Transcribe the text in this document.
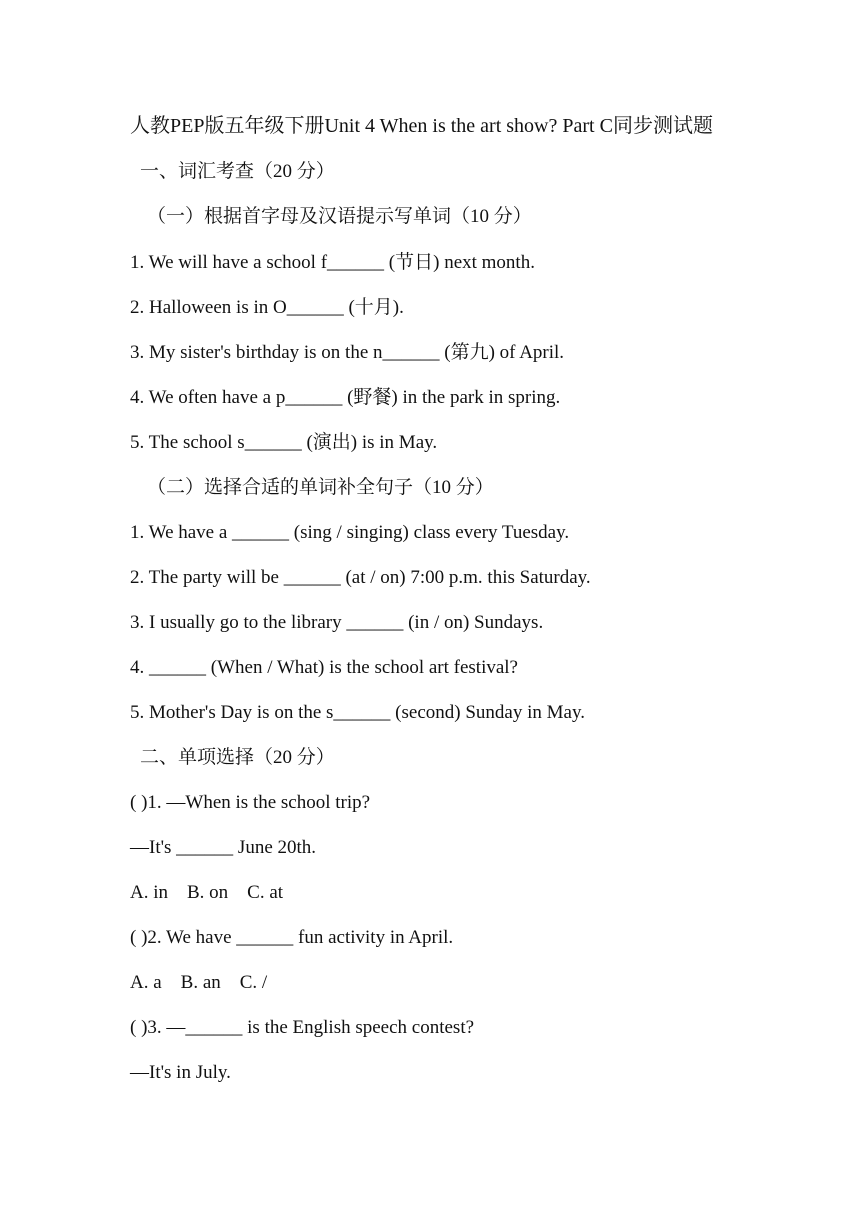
人教PEP版五年级下册Unit 4 When is the art show? Part C同步测试题
一、词汇考查（20 分）
（一）根据首字母及汉语提示写单词（10 分）
1. We will have a school f______ (节日) next month.
2. Halloween is in O______ (十月).
3. My sister's birthday is on the n______ (第九) of April.
4. We often have a p______ (野餐) in the park in spring.
5. The school s______ (演出) is in May.
（二）选择合适的单词补全句子（10 分）
1. We have a ______ (sing / singing) class every Tuesday.
2. The party will be ______ (at / on) 7:00 p.m. this Saturday.
3. I usually go to the library ______ (in / on) Sundays.
4. ______ (When / What) is the school art festival?
5. Mother's Day is on the s______ (second) Sunday in May.
二、单项选择（20 分）
( )1. —When is the school trip?
—It's ______ June 20th.
A. in    B. on    C. at
( )2. We have ______ fun activity in April.
A. a    B. an    C. /
( )3. —______ is the English speech contest?
—It's in July.
